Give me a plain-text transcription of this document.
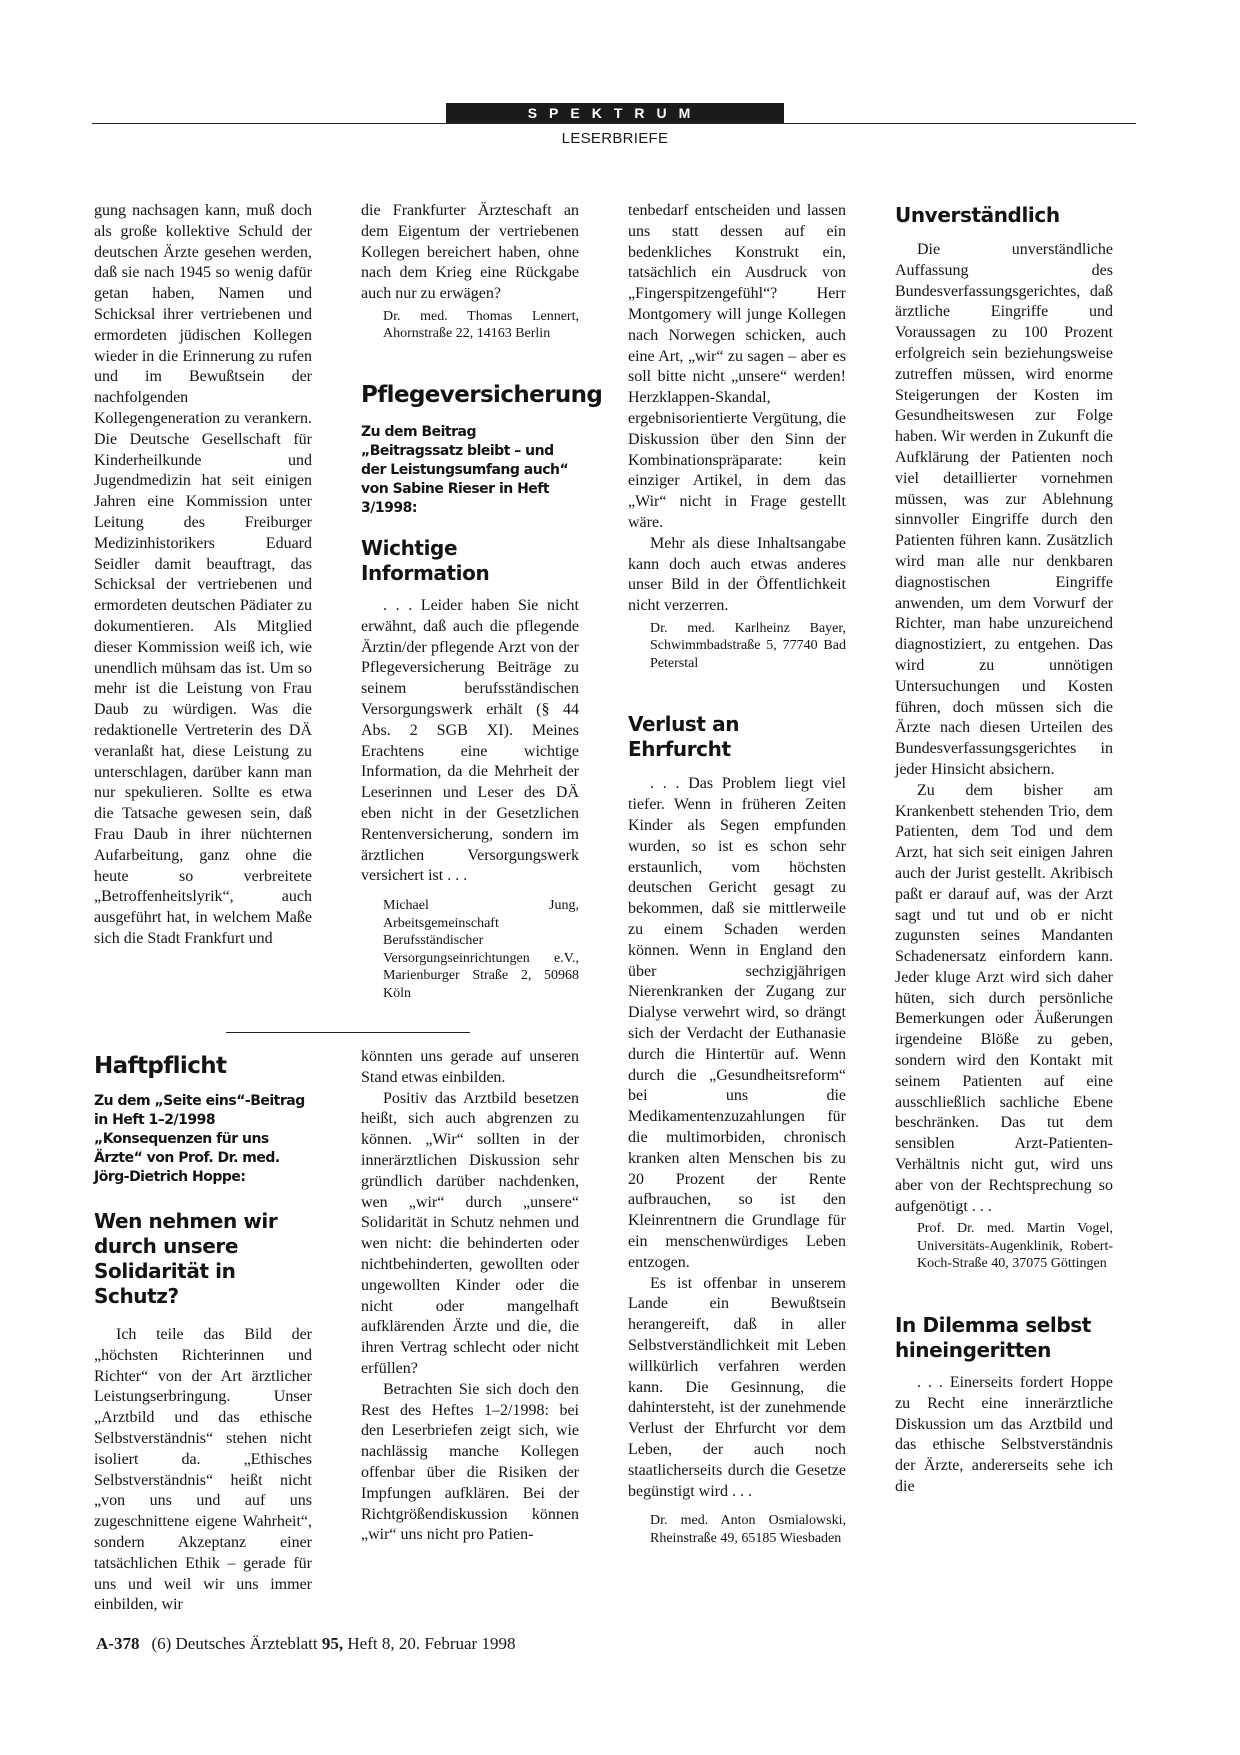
SPEKTRUM
LESERBRIEFE

gung nachsagen kann, muß doch als große kollektive Schuld der deutschen Ärzte gesehen werden, daß sie nach 1945 so wenig dafür getan haben, Namen und Schicksal ihrer vertriebenen und ermordeten jüdischen Kollegen wieder in die Erinnerung zu rufen und im Bewußtsein der nachfolgenden Kollegengeneration zu verankern. Die Deutsche Gesellschaft für Kinderheilkunde und Jugendmedizin hat seit einigen Jahren eine Kommission unter Leitung des Freiburger Medizinhistorikers Eduard Seidler damit beauftragt, das Schicksal der vertriebenen und ermordeten deutschen Pädiater zu dokumentieren. Als Mitglied dieser Kommission weiß ich, wie unendlich mühsam das ist. Um so mehr ist die Leistung von Frau Daub zu würdigen. Was die redaktionelle Vertreterin des DÄ veranlaßt hat, diese Leistung zu unterschlagen, darüber kann man nur spekulieren. Sollte es etwa die Tatsache gewesen sein, daß Frau Daub in ihrer nüchternen Aufarbeitung, ganz ohne die heute so verbreitete „Betroffenheitslyrik“, auch ausgeführt hat, in welchem Maße sich die Stadt Frankfurt und

die Frankfurter Ärzteschaft an dem Eigentum der vertriebenen Kollegen bereichert haben, ohne nach dem Krieg eine Rückgabe auch nur zu erwägen?

Dr. med. Thomas Lennert, Ahornstraße 22, 14163 Berlin
Pflegeversicherung

Zu dem Beitrag „Beitragssatz bleibt – und der Leistungsumfang auch“ von Sabine Rieser in Heft 3/1998:

Wichtige Information

. . . Leider haben Sie nicht erwähnt, daß auch die pflegende Ärztin/der pflegende Arzt von der Pflegeversicherung Beiträge zu seinem berufsständischen Versorgungswerk erhält (§ 44 Abs. 2 SGB XI). Meines Erachtens eine wichtige Information, da die Mehrheit der Leserinnen und Leser des DÄ eben nicht in der Gesetzlichen Rentenversicherung, sondern im ärztlichen Versorgungswerk versichert ist . . .

Michael Jung, Arbeitsgemeinschaft Berufsständischer Versorgungseinrichtungen e.V., Marienburger Straße 2, 50968 Köln
Haftpflicht

Zu dem „Seite eins“-Beitrag in Heft 1–2/1998 „Konsequenzen für uns Ärzte“ von Prof. Dr. med. Jörg-Dietrich Hoppe:

Wen nehmen wir durch unsere Solidarität in Schutz?

Ich teile das Bild der „höchsten Richterinnen und Richter“ von der Art ärztlicher Leistungserbringung. Unser „Arztbild und das ethische Selbstverständnis“ stehen nicht isoliert da. „Ethisches Selbstverständnis“ heißt nicht „von uns und auf uns zugeschnittene eigene Wahrheit“, sondern Akzeptanz einer tatsächlichen Ethik – gerade für uns und weil wir uns immer einbilden, wir

könnten uns gerade auf unseren Stand etwas einbilden.

Positiv das Arztbild besetzen heißt, sich auch abgrenzen zu können. „Wir“ sollten in der innerärztlichen Diskussion sehr gründlich darüber nachdenken, wen „wir“ durch „unsere“ Solidarität in Schutz nehmen und wen nicht: die behinderten oder nichtbehinderten, gewollten oder ungewollten Kinder oder die nicht oder mangelhaft aufklärenden Ärzte und die, die ihren Vertrag schlecht oder nicht erfüllen?

Betrachten Sie sich doch den Rest des Heftes 1–2/1998: bei den Leserbriefen zeigt sich, wie nachlässig manche Kollegen offenbar über die Risiken der Impfungen aufklären. Bei der Richtgrößendiskussion können „wir“ uns nicht pro Patien-

tenbedarf entscheiden und lassen uns statt dessen auf ein bedenkliches Konstrukt ein, tatsächlich ein Ausdruck von „Fingerspitzengefühl“? Herr Montgomery will junge Kollegen nach Norwegen schicken, auch eine Art, „wir“ zu sagen – aber es soll bitte nicht „unsere“ werden! Herzklappen-Skandal, ergebnisorientierte Vergütung, die Diskussion über den Sinn der Kombinationspräparate: kein einziger Artikel, in dem das „Wir“ nicht in Frage gestellt wäre.

Mehr als diese Inhaltsangabe kann doch auch etwas anderes unser Bild in der Öffentlichkeit nicht verzerren.

Dr. med. Karlheinz Bayer, Schwimmbadstraße 5, 77740 Bad Peterstal
Verlust an Ehrfurcht

. . . Das Problem liegt viel tiefer. Wenn in früheren Zeiten Kinder als Segen empfunden wurden, so ist es schon sehr erstaunlich, vom höchsten deutschen Gericht gesagt zu bekommen, daß sie mittlerweile zu einem Schaden werden können. Wenn in England den über sechzigjährigen Nierenkranken der Zugang zur Dialyse verwehrt wird, so drängt sich der Verdacht der Euthanasie durch die Hintertür auf. Wenn durch die „Gesundheitsreform“ bei uns die Medikamentenzuzahlungen für die multimorbiden, chronisch kranken alten Menschen bis zu 20 Prozent der Rente aufbrauchen, so ist den Kleinrentnern die Grundlage für ein menschenwürdiges Leben entzogen.

Es ist offenbar in unserem Lande ein Bewußtsein herangereift, daß in aller Selbstverständlichkeit mit Leben willkürlich verfahren werden kann. Die Gesinnung, die dahintersteht, ist der zunehmende Verlust der Ehrfurcht vor dem Leben, der auch noch staatlicherseits durch die Gesetze begünstigt wird . . .

Dr. med. Anton Osmialowski, Rheinstraße 49, 65185 Wiesbaden
Unverständlich

Die unverständliche Auffassung des Bundesverfassungsgerichtes, daß ärztliche Eingriffe und Voraussagen zu 100 Prozent erfolgreich sein beziehungsweise zutreffen müssen, wird enorme Steigerungen der Kosten im Gesundheitswesen zur Folge haben. Wir werden in Zukunft die Aufklärung der Patienten noch viel detaillierter vornehmen müssen, was zur Ablehnung sinnvoller Eingriffe durch den Patienten führen kann. Zusätzlich wird man alle nur denkbaren diagnostischen Eingriffe anwenden, um dem Vorwurf der Richter, man habe unzureichend diagnostiziert, zu entgehen. Das wird zu unnötigen Untersuchungen und Kosten führen, doch müssen sich die Ärzte nach diesen Urteilen des Bundesverfassungsgerichtes in jeder Hinsicht absichern.

Zu dem bisher am Krankenbett stehenden Trio, dem Patienten, dem Tod und dem Arzt, hat sich seit einigen Jahren auch der Jurist gestellt. Akribisch paßt er darauf auf, was der Arzt sagt und tut und ob er nicht zugunsten seines Mandanten Schadenersatz einfordern kann. Jeder kluge Arzt wird sich daher hüten, sich durch persönliche Bemerkungen oder Äußerungen irgendeine Blöße zu geben, sondern wird den Kontakt mit seinem Patienten auf eine ausschließlich sachliche Ebene beschränken. Das tut dem sensiblen Arzt-Patienten-Verhältnis nicht gut, wird uns aber von der Rechtsprechung so aufgenötigt . . .

Prof. Dr. med. Martin Vogel, Universitäts-Augenklinik, Robert-Koch-Straße 40, 37075 Göttingen
In Dilemma selbst hineingeritten

. . . Einerseits fordert Hoppe zu Recht eine innerärztliche Diskussion um das Arztbild und das ethische Selbstverständnis der Ärzte, andererseits sehe ich die

A-378 (6) Deutsches Ärzteblatt 95, Heft 8, 20. Februar 1998
